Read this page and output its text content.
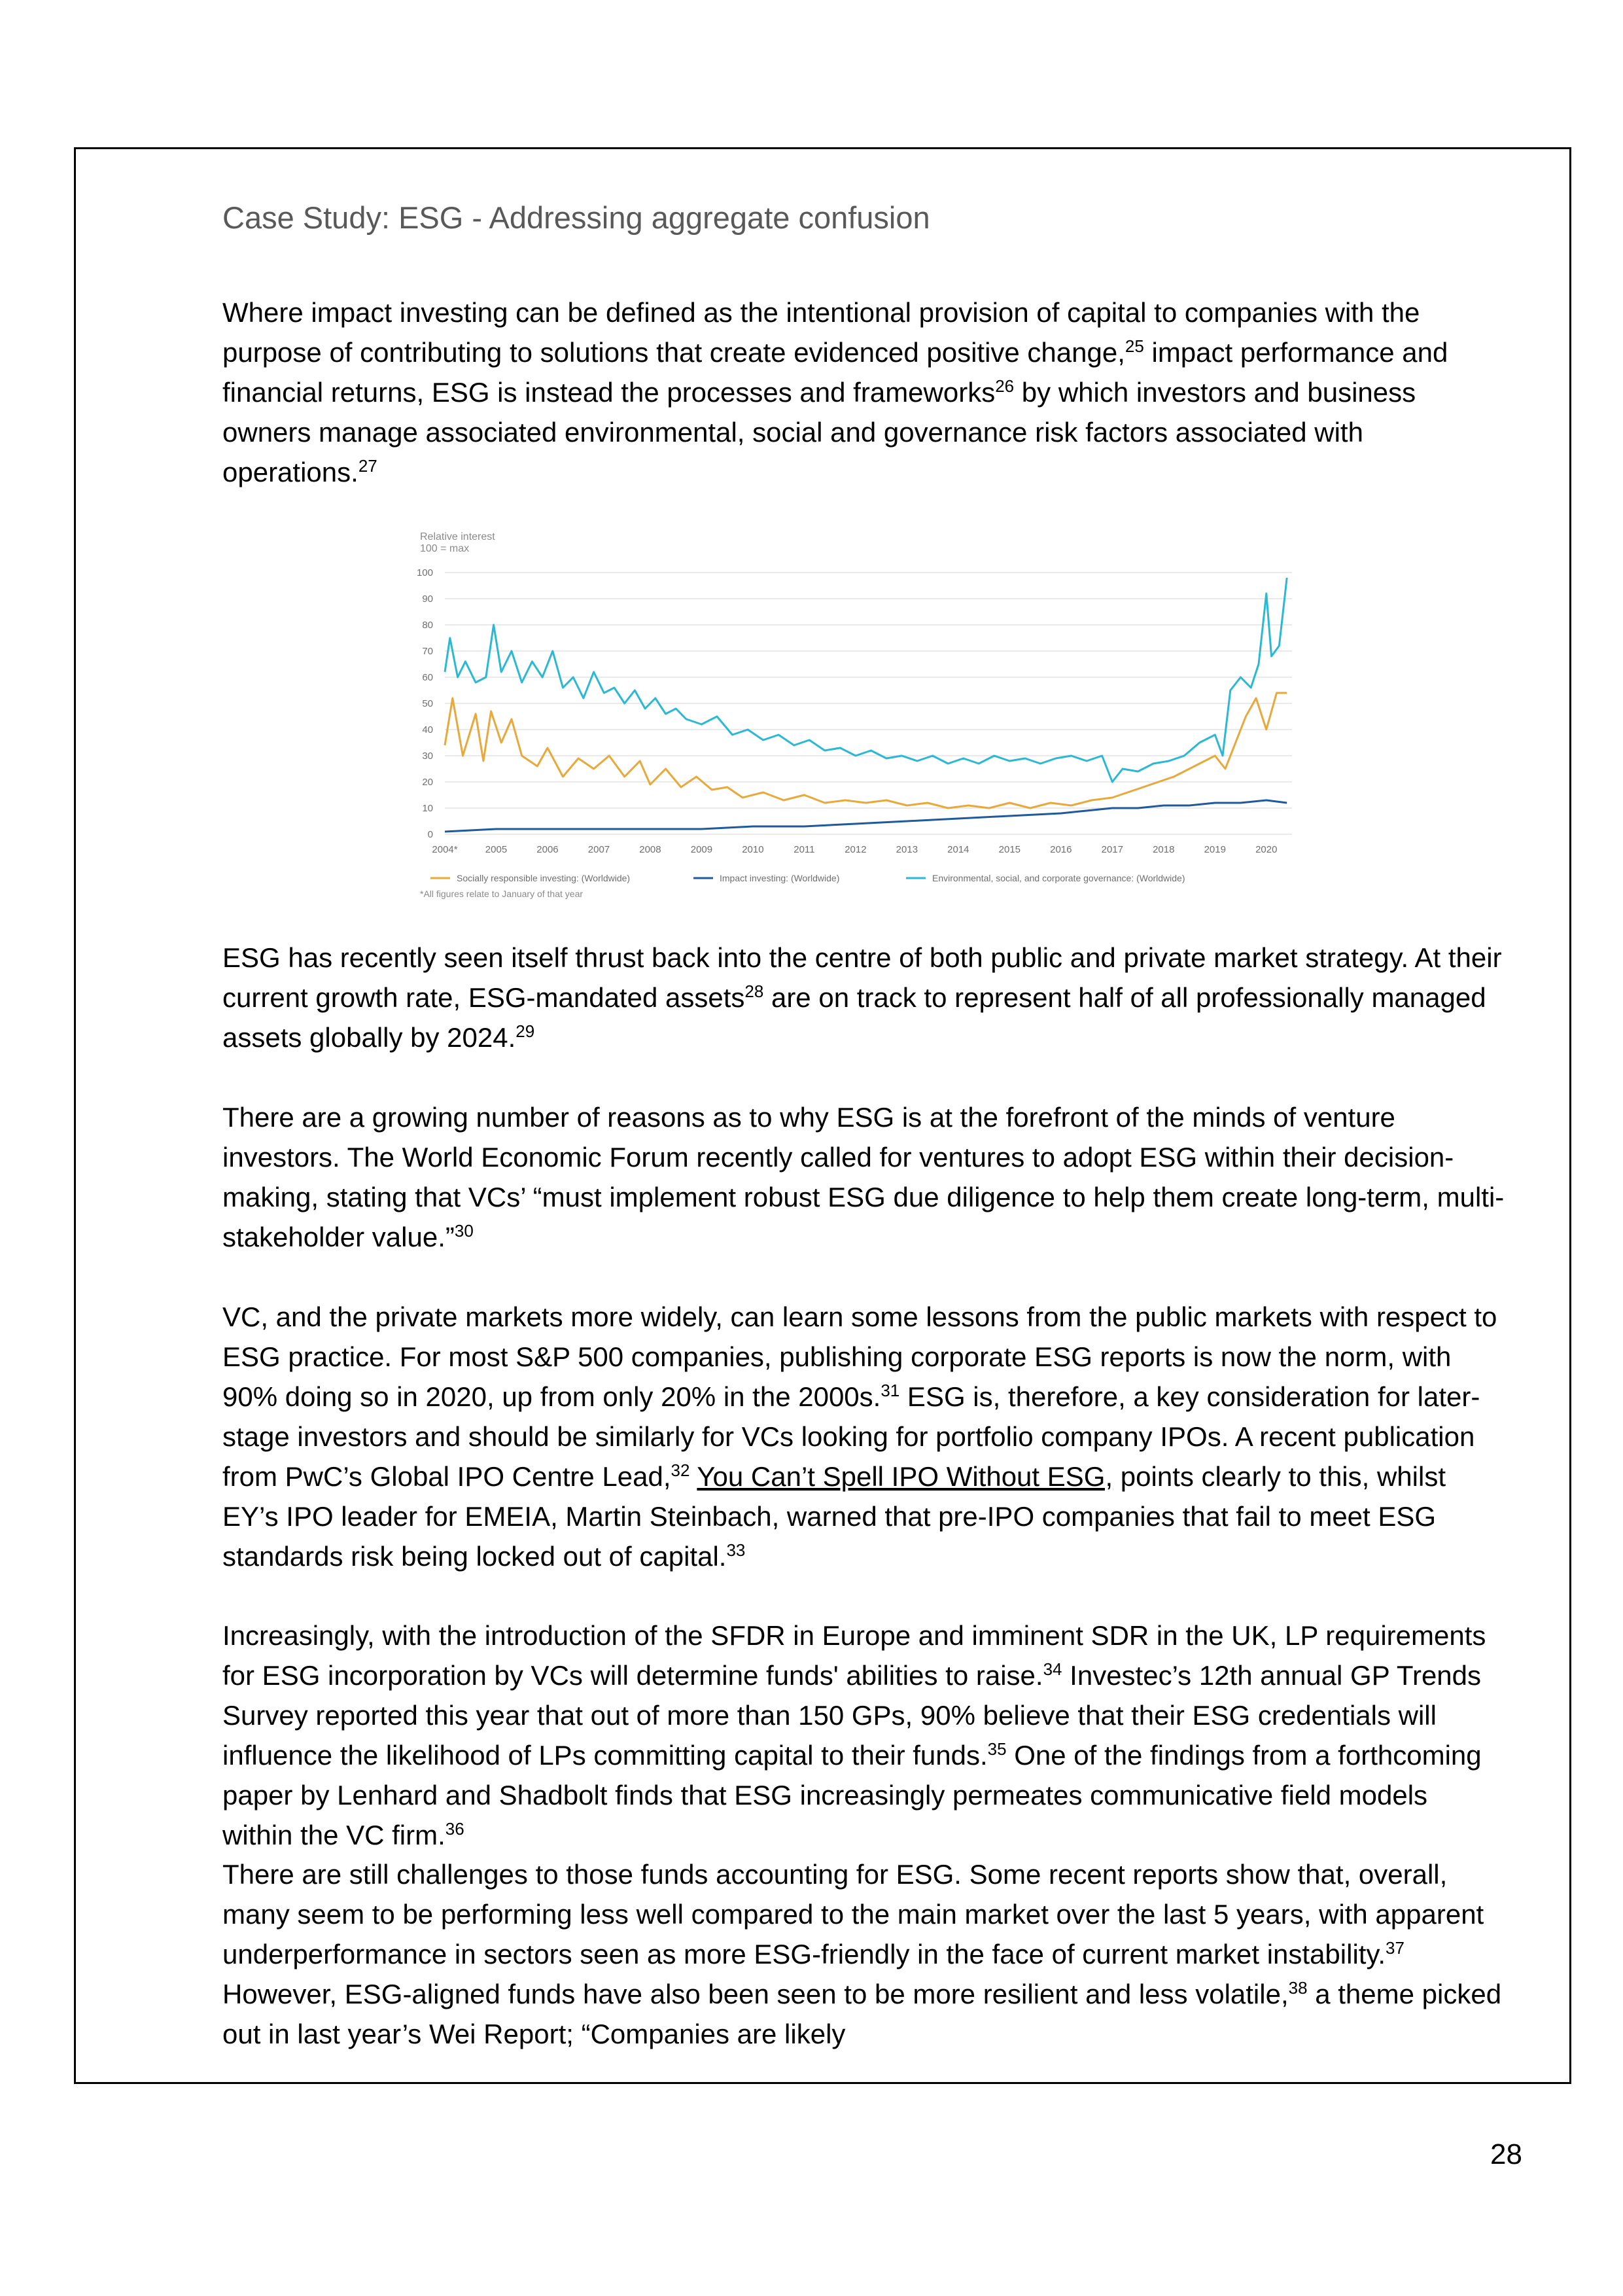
Case Study: ESG - Addressing aggregate confusion

Where impact investing can be defined as the intentional provision of capital to companies with the purpose of contributing to solutions that create evidenced positive change,$^{25}$ impact performance and financial returns, ESG is instead the processes and frameworks$^{26}$ by which investors and business owners manage associated environmental, social and governance risk factors associated with operations.$^{27}$

Relative interest
100 = max
0
10
20
30
40
50
60
70
80
90
100
2004*	2005	2006	2007	2008	2009	2010	2011	2012	2013	2014	2015	2016	2017	2018	2019	2020
Socially responsible investing: (Worldwide)	Impact investing: (Worldwide)	Environmental, social, and corporate governance: (Worldwide)
*All figures relate to January of that year

ESG has recently seen itself thrust back into the centre of both public and private market strategy. At their current growth rate, ESG-mandated assets$^{28}$ are on track to represent half of all professionally managed assets globally by 2024.29

There are a growing number of reasons as to why ESG is at the forefront of the minds of venture investors. The World Economic Forum recently called for ventures to adopt ESG within their decision-making, stating that VCs’ “must implement robust ESG due diligence to help them create long-term, multi-stakeholder value.”$^{30}$

VC, and the private markets more widely, can learn some lessons from the public markets with respect to ESG practice. For most S&P 500 companies, publishing corporate ESG reports is now the norm, with 90% doing so in 2020, up from only 20% in the 2000s.$^{31}$ ESG is, therefore, a key consideration for later-stage investors and should be similarly for VCs looking for portfolio company IPOs. A recent publication from PwC’s Global IPO Centre Lead,$^{32}$ You Can’t Spell IPO Without ESG, points clearly to this, whilst EY’s IPO leader for EMEIA, Martin Steinbach, warned that pre-IPO companies that fail to meet ESG standards risk being locked out of capital.$^{33}$

Increasingly, with the introduction of the SFDR in Europe and imminent SDR in the UK, LP requirements for ESG incorporation by VCs will determine funds' abilities to raise.$^{34}$ Investec’s 12th annual GP Trends Survey reported this year that out of more than 150 GPs, 90% believe that their ESG credentials will influence the likelihood of LPs committing capital to their funds.$^{35}$ One of the findings from a forthcoming paper by Lenhard and Shadbolt finds that ESG increasingly permeates communicative field models within the VC firm.$^{36}$

There are still challenges to those funds accounting for ESG. Some recent reports show that, overall, many seem to be performing less well compared to the main market over the last 5 years, with apparent underperformance in sectors seen as more ESG-friendly in the face of current market instability.$^{37}$ However, ESG-aligned funds have also been seen to be more resilient and less volatile,$^{38}$ a theme picked out in last year’s Wei Report; “Companies are likely

28
